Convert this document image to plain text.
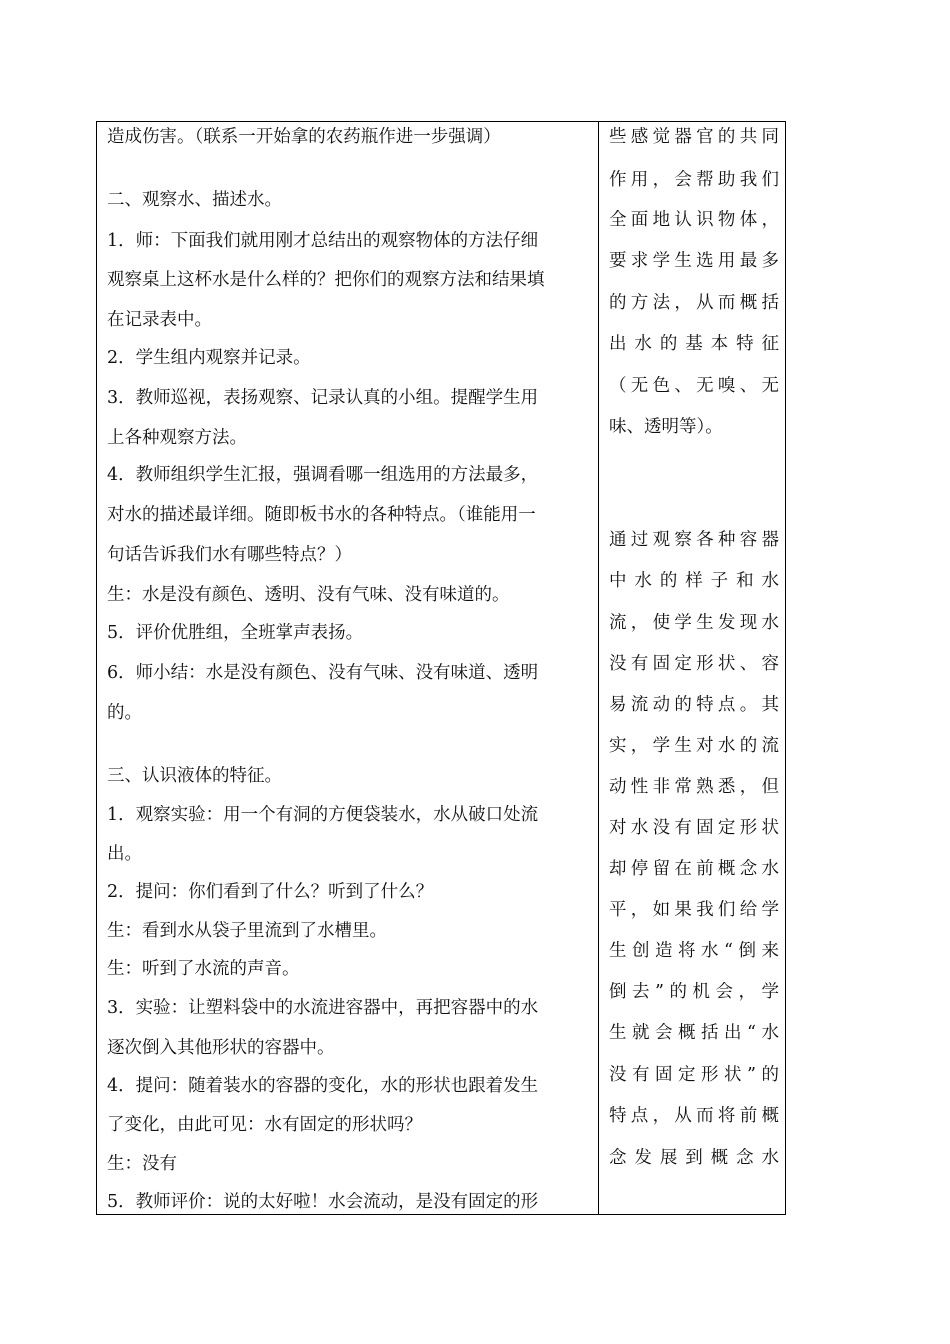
造成伤害。（联系一开始拿的农药瓶作进一步强调）
二、观察水、描述水。
1．师：下面我们就用刚才总结出的观察物体的方法仔细
观察桌上这杯水是什么样的？把你们的观察方法和结果填
在记录表中。
2．学生组内观察并记录。
3．教师巡视，表扬观察、记录认真的小组。提醒学生用
上各种观察方法。
4．教师组织学生汇报，强调看哪一组选用的方法最多，
对水的描述最详细。随即板书水的各种特点。（谁能用一
句话告诉我们水有哪些特点？）
生：水是没有颜色、透明、没有气味、没有味道的。
5．评价优胜组，全班掌声表扬。
6．师小结：水是没有颜色、没有气味、没有味道、透明
的。
三、认识液体的特征。
1．观察实验：用一个有洞的方便袋装水，水从破口处流
出。
2．提问：你们看到了什么？听到了什么？
生：看到水从袋子里流到了水槽里。
生：听到了水流的声音。
3．实验：让塑料袋中的水流进容器中，再把容器中的水
逐次倒入其他形状的容器中。
4．提问：随着装水的容器的变化，水的形状也跟着发生
了变化，由此可见：水有固定的形状吗？
生：没有
5．教师评价：说的太好啦！水会流动，是没有固定的形
些感觉器官的共同
作用，会帮助我们
全面地认识物体，
要求学生选用最多
的方法，从而概括
出水的基本特征
（无色、无嗅、无
味、透明等）。
通过观察各种容器
中水的样子和水
流，使学生发现水
没有固定形状、容
易流动的特点。其
实，学生对水的流
动性非常熟悉，但
对水没有固定形状
却停留在前概念水
平，如果我们给学
生创造将水“倒来
倒去”的机会，学
生就会概括出“水
没有固定形状”的
特点，从而将前概
念发展到概念水
